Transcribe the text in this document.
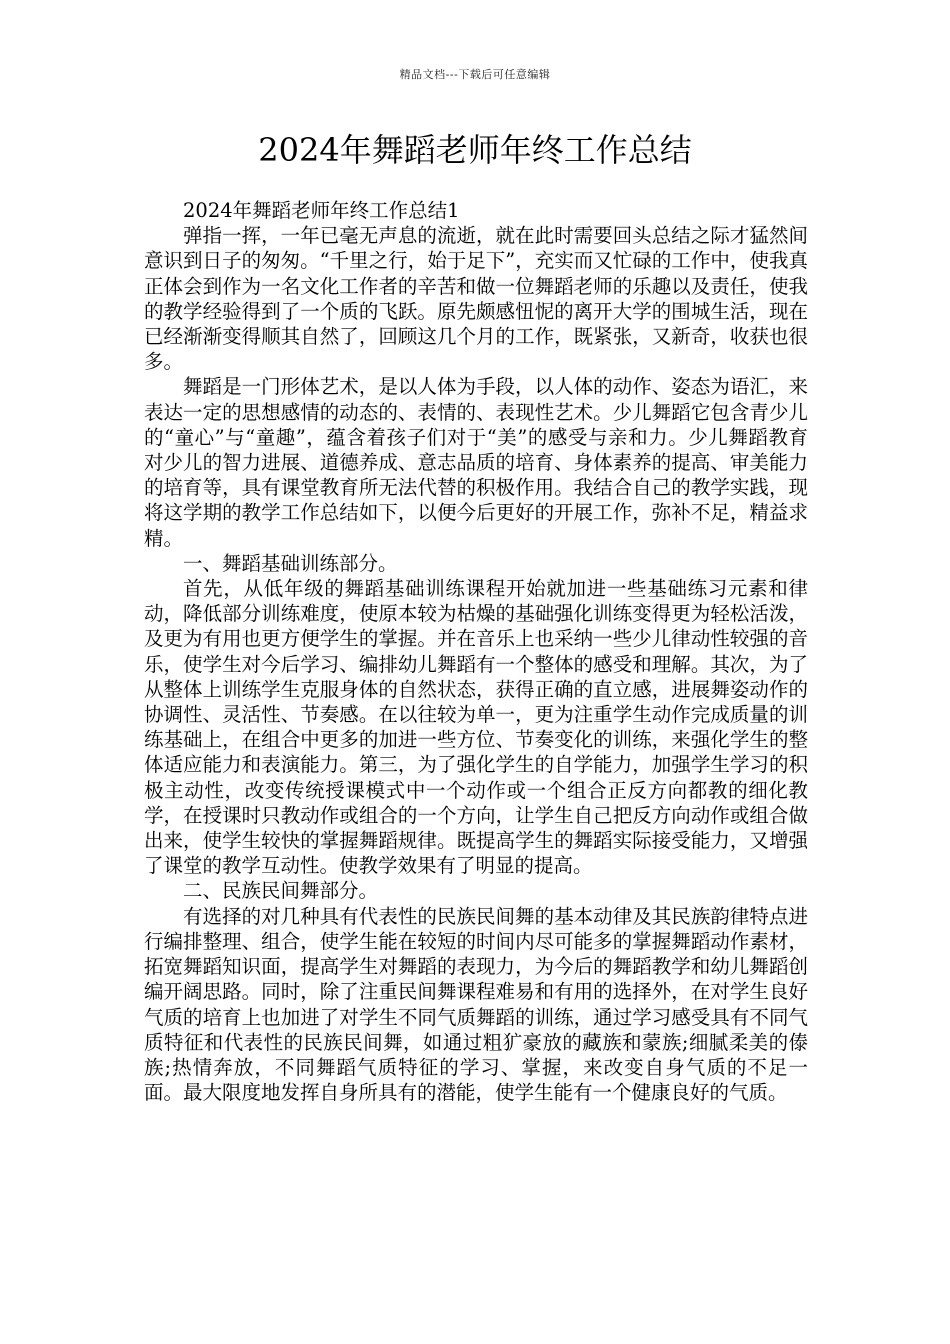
精品文档---下载后可任意编辑
2024年舞蹈老师年终工作总结

2024年舞蹈老师年终工作总结1

弹指一挥，一年已毫无声息的流逝，就在此时需要回头总结之际才猛然间意识到日子的匆匆。“千里之行，始于足下”，充实而又忙碌的工作中，使我真正体会到作为一名文化工作者的辛苦和做一位舞蹈老师的乐趣以及责任，使我的教学经验得到了一个质的飞跃。原先颇感忸怩的离开大学的围城生活，现在已经渐渐变得顺其自然了，回顾这几个月的工作，既紧张，又新奇，收获也很多。

舞蹈是一门形体艺术，是以人体为手段，以人体的动作、姿态为语汇，来表达一定的思想感情的动态的、表情的、表现性艺术。少儿舞蹈它包含青少儿的“童心”与“童趣”，蕴含着孩子们对于“美”的感受与亲和力。少儿舞蹈教育对少儿的智力进展、道德养成、意志品质的培育、身体素养的提高、审美能力的培育等，具有课堂教育所无法代替的积极作用。我结合自己的教学实践，现将这学期的教学工作总结如下，以便今后更好的开展工作，弥补不足，精益求精。

一、舞蹈基础训练部分。

首先，从低年级的舞蹈基础训练课程开始就加进一些基础练习元素和律动，降低部分训练难度，使原本较为枯燥的基础强化训练变得更为轻松活泼，及更为有用也更方便学生的掌握。并在音乐上也采纳一些少儿律动性较强的音乐，使学生对今后学习、编排幼儿舞蹈有一个整体的感受和理解。其次，为了从整体上训练学生克服身体的自然状态，获得正确的直立感，进展舞姿动作的协调性、灵活性、节奏感。在以往较为单一，更为注重学生动作完成质量的训练基础上，在组合中更多的加进一些方位、节奏变化的训练，来强化学生的整体适应能力和表演能力。第三，为了强化学生的自学能力，加强学生学习的积极主动性，改变传统授课模式中一个动作或一个组合正反方向都教的细化教学，在授课时只教动作或组合的一个方向，让学生自己把反方向动作或组合做出来，使学生较快的掌握舞蹈规律。既提高学生的舞蹈实际接受能力，又增强了课堂的教学互动性。使教学效果有了明显的提高。

二、民族民间舞部分。

有选择的对几种具有代表性的民族民间舞的基本动律及其民族韵律特点进行编排整理、组合，使学生能在较短的时间内尽可能多的掌握舞蹈动作素材，拓宽舞蹈知识面，提高学生对舞蹈的表现力，为今后的舞蹈教学和幼儿舞蹈创编开阔思路。同时，除了注重民间舞课程难易和有用的选择外，在对学生良好气质的培育上也加进了对学生不同气质舞蹈的训练，通过学习感受具有不同气质特征和代表性的民族民间舞，如通过粗犷豪放的藏族和蒙族;细腻柔美的傣族;热情奔放，不同舞蹈气质特征的学习、掌握，来改变自身气质的不足一面。最大限度地发挥自身所具有的潜能，使学生能有一个健康良好的气质。
